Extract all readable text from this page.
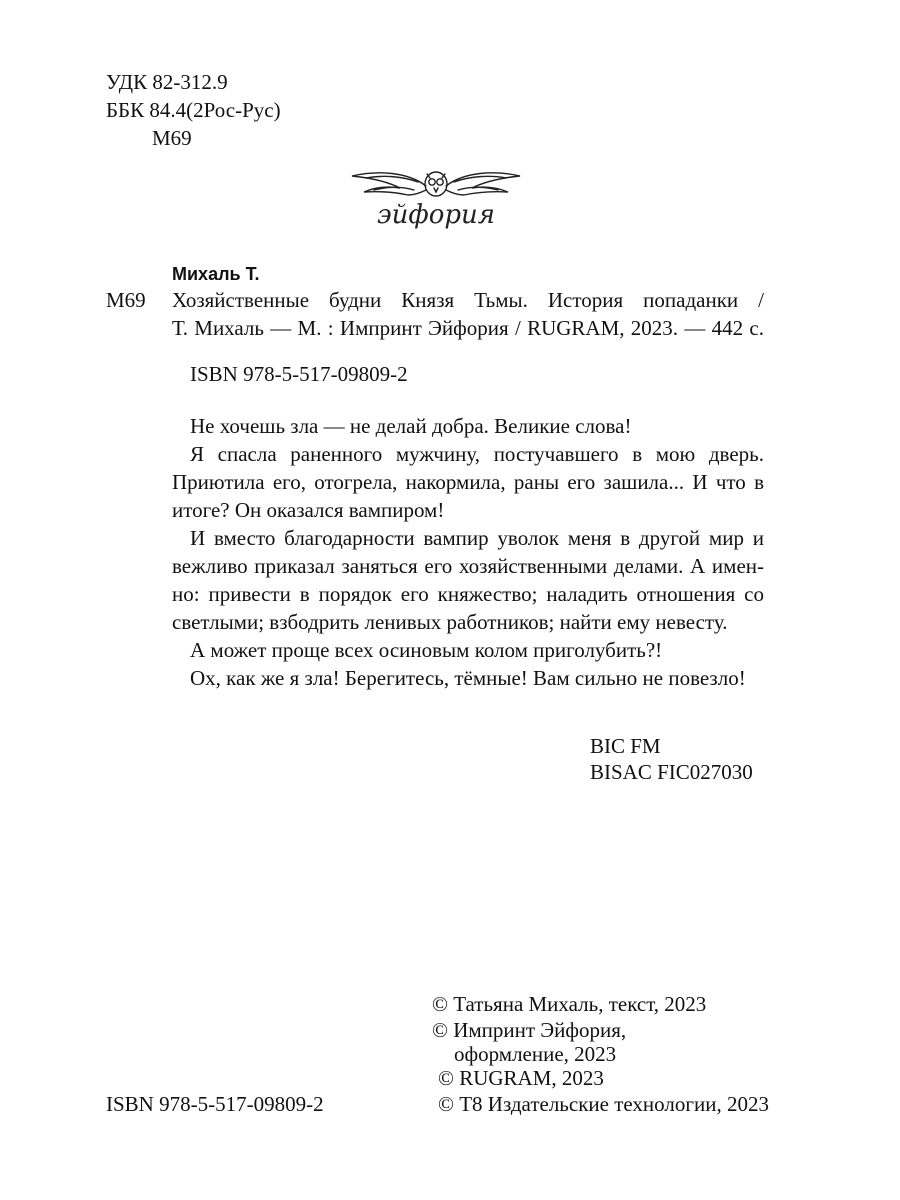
УДК 82-312.9
ББК 84.4(2Рос-Рус)
М69
эйфория
Михаль Т.
М69 Хозяйственные будни Князя Тьмы. История попаданки /
Т. Михаль — М. : Импринт Эйфория / RUGRAM, 2023. — 442 с.
ISBN 978-5-517-09809-2
Не хочешь зла — не делай добра. Великие слова!
Я спасла раненного мужчину, постучавшего в мою дверь.
Приютила его, отогрела, накормила, раны его зашила... И что в
итоге? Он оказался вампиром!
И вместо благодарности вампир уволок меня в другой мир и
вежливо приказал заняться его хозяйственными делами. А имен-
но: привести в порядок его княжество; наладить отношения со
светлыми; взбодрить ленивых работников; найти ему невесту.
А может проще всех осиновым колом приголубить?!
Ох, как же я зла! Берегитесь, тёмные! Вам сильно не повезло!
BIC FM
BISAC FIC027030
© Татьяна Михаль, текст, 2023
© Импринт Эйфория,
оформление, 2023
© RUGRAM, 2023
ISBN 978-5-517-09809-2	© Т8 Издательские технологии, 2023
